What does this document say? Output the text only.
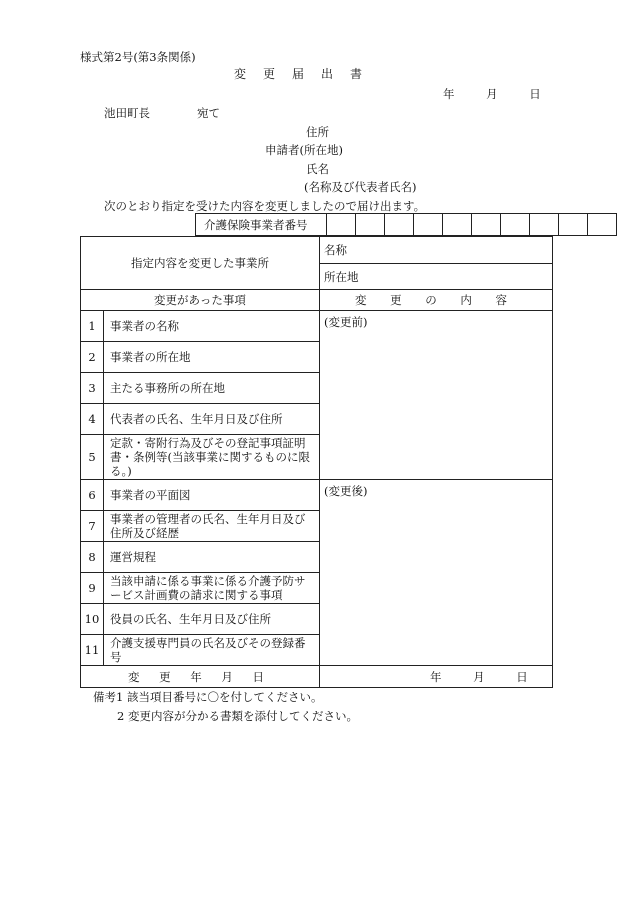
様式第2号(第3条関係)
変更届出書
年 月 日
池田町長	宛て
住所
申請者(所在地)
氏名
(名称及び代表者氏名)
次のとおり指定を受けた内容を変更しましたので届け出ます。
介護保険事業者番号										
指定内容を変更した事業所		名称
		所在地
変更があった事項		変 更 の 内 容
1	事業者の名称	(変更前)
2	事業者の所在地	
3	主たる事務所の所在地	
4	代表者の氏名、生年月日及び住所	
5	定款・寄附行為及びその登記事項証明書・条例等(当該事業に関するものに限る。)	
6	事業者の平面図	(変更後)
7	事業者の管理者の氏名、生年月日及び住所及び経歴	
8	運営規程	
9	当該申請に係る事業に係る介護予防サービス計画費の請求に関する事項	
10	役員の氏名、生年月日及び住所	
11	介護支援専門員の氏名及びその登録番号	
変 更 年 月 日		年 月 日
備考1 該当項目番号に〇を付してください。
2 変更内容が分かる書類を添付してください。
